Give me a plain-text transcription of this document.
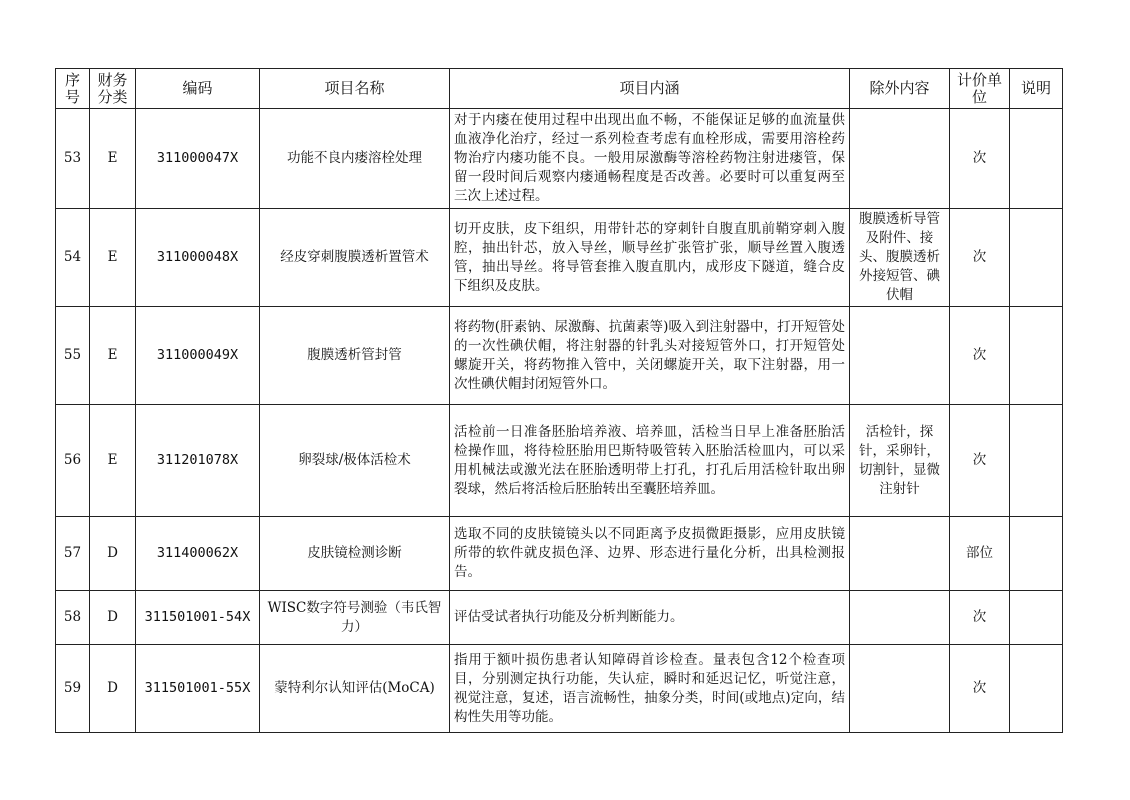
序号	财务分类	编码	项目名称	项目内涵	除外内容	计价单位	说明
53	E	311000047X	功能不良内瘘溶栓处理	对于内瘘在使用过程中出现出血不畅，不能保证足够的血流量供血液净化治疗，经过一系列检查考虑有血栓形成，需要用溶栓药物治疗内瘘功能不良。一般用尿激酶等溶栓药物注射进瘘管，保留一段时间后观察内瘘通畅程度是否改善。必要时可以重复两至三次上述过程。		次	
54	E	311000048X	经皮穿刺腹膜透析置管术	切开皮肤，皮下组织，用带针芯的穿刺针自腹直肌前鞘穿刺入腹腔，抽出针芯，放入导丝，顺导丝扩张管扩张，顺导丝置入腹透管，抽出导丝。将导管套推入腹直肌内，成形皮下隧道，缝合皮下组织及皮肤。	腹膜透析导管及附件、接头、腹膜透析外接短管、碘伏帽	次	
55	E	311000049X	腹膜透析管封管	将药物(肝素钠、尿激酶、抗菌素等)吸入到注射器中，打开短管处的一次性碘伏帽，将注射器的针乳头对接短管外口，打开短管处螺旋开关，将药物推入管中，关闭螺旋开关，取下注射器，用一次性碘伏帽封闭短管外口。		次	
56	E	311201078X	卵裂球/极体活检术	活检前一日准备胚胎培养液、培养皿，活检当日早上准备胚胎活检操作皿，将待检胚胎用巴斯特吸管转入胚胎活检皿内，可以采用机械法或激光法在胚胎透明带上打孔，打孔后用活检针取出卵裂球，然后将活检后胚胎转出至囊胚培养皿。	活检针，探针，采卵针，切割针，显微注射针	次	
57	D	311400062X	皮肤镜检测诊断	选取不同的皮肤镜镜头以不同距离予皮损微距摄影，应用皮肤镜所带的软件就皮损色泽、边界、形态进行量化分析，出具检测报告。		部位	
58	D	311501001-54X	WISC数字符号测验（韦氏智力）	评估受试者执行功能及分析判断能力。		次	
59	D	311501001-55X	蒙特利尔认知评估(MoCA)	指用于额叶损伤患者认知障碍首诊检查。量表包含12个检查项目，分别测定执行功能，失认症，瞬时和延迟记忆，听觉注意，视觉注意，复述，语言流畅性，抽象分类，时间(或地点)定向，结构性失用等功能。		次	
